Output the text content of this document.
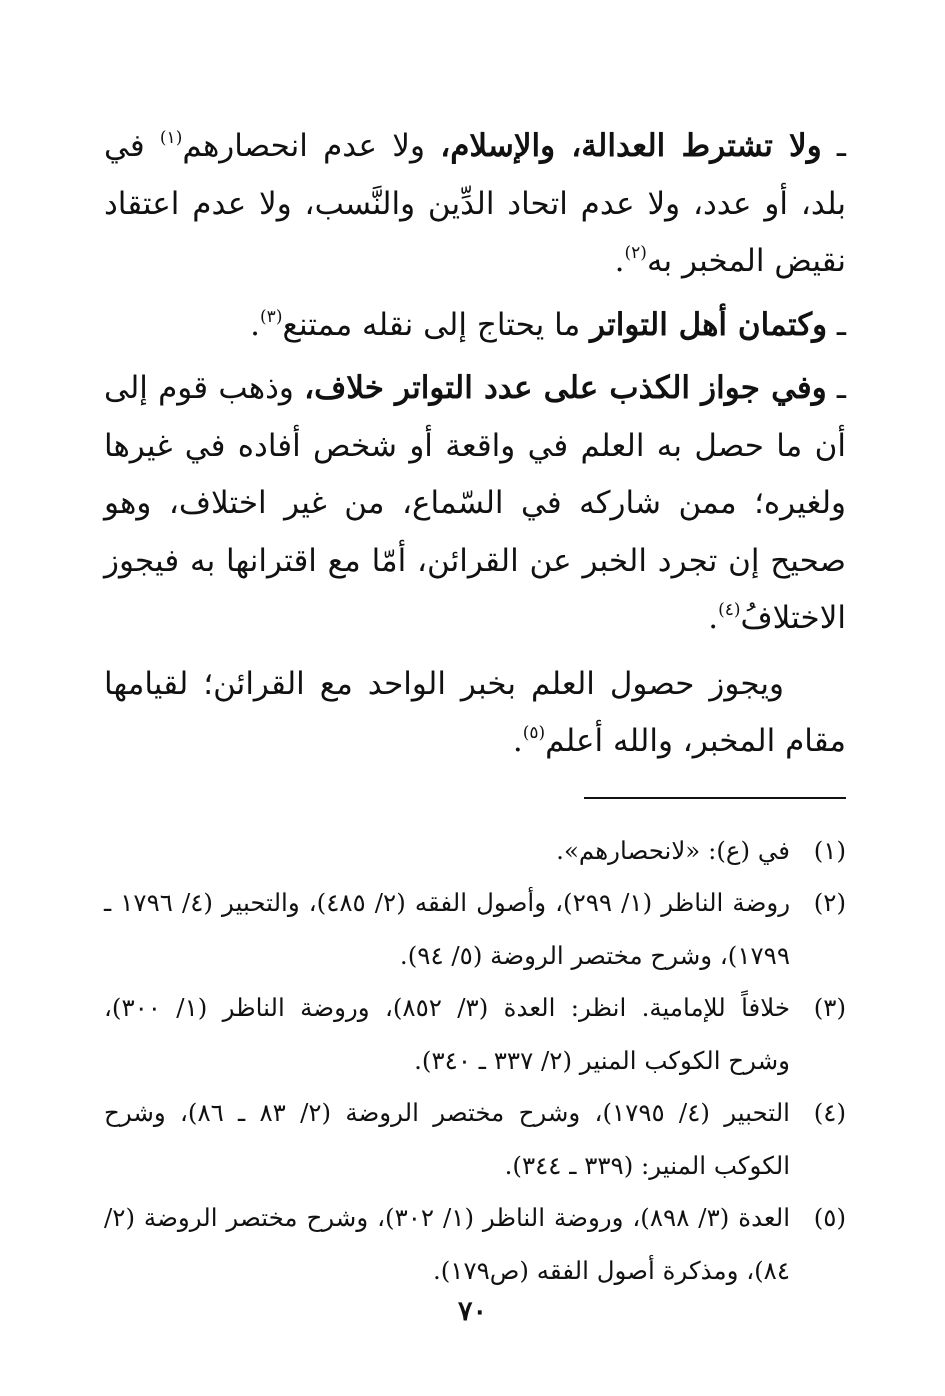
ـ ولا تشترط العدالة، والإسلام، ولا عدم انحصارهم$^{(١)}$ في بلد، أو عدد، ولا عدم اتحاد الدِّين والنَّسب، ولا عدم اعتقاد نقيض المخبر به$^{(٢)}$.

ـ وكتمان أهل التواتر ما يحتاج إلى نقله ممتنع$^{(٣)}$.

ـ وفي جواز الكذب على عدد التواتر خلاف، وذهب قوم إلى أن ما حصل به العلم في واقعة أو شخص أفاده في غيرها ولغيره؛ ممن شاركه في السّماع، من غير اختلاف، وهو صحيح إن تجرد الخبر عن القرائن، أمّا مع اقترانها به فيجوز الاختلافُ$^{(٤)}$.

ويجوز حصول العلم بخبر الواحد مع القرائن؛ لقيامها مقام المخبر، والله أعلم$^{(٥)}$.

(١)
في (ع): «لانحصارهم».
(٢)
روضة الناظر (١/ ٢٩٩)، وأصول الفقه (٢/ ٤٨٥)، والتحبير (٤/ ١٧٩٦ ـ ١٧٩٩)، وشرح مختصر الروضة (٥/ ٩٤).
(٣)
خلافاً للإمامية. انظر: العدة (٣/ ٨٥٢)، وروضة الناظر (١/ ٣٠٠)، وشرح الكوكب المنير (٢/ ٣٣٧ ـ ٣٤٠).
(٤)
التحبير (٤/ ١٧٩٥)، وشرح مختصر الروضة (٢/ ٨٣ ـ ٨٦)، وشرح الكوكب المنير: (٣٣٩ ـ ٣٤٤).
(٥)
العدة (٣/ ٨٩٨)، وروضة الناظر (١/ ٣٠٢)، وشرح مختصر الروضة (٢/ ٨٤)، ومذكرة أصول الفقه (ص١٧٩).
٧٠
